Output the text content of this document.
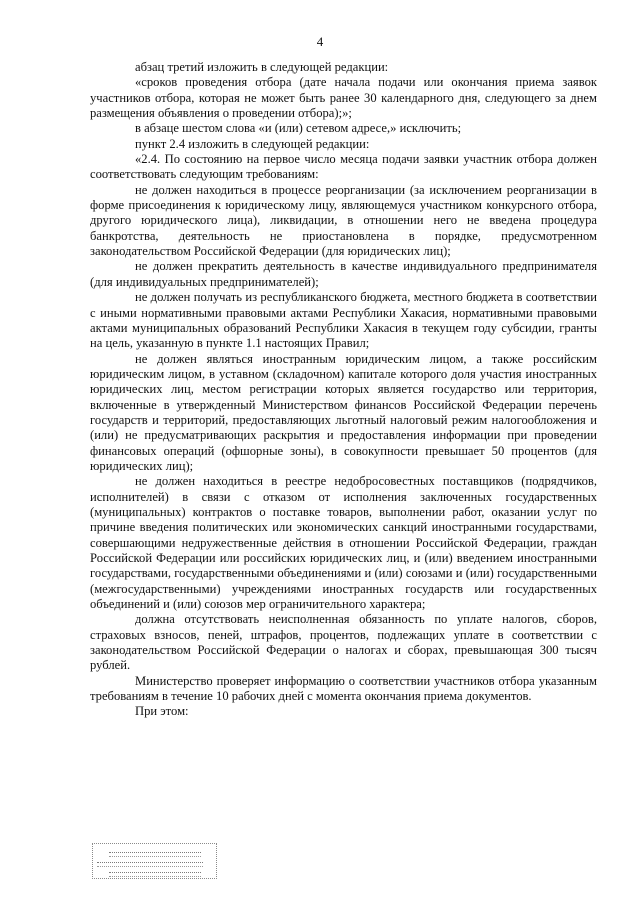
4

абзац третий изложить в следующей редакции:

«сроков проведения отбора (дате начала подачи или окончания приема заявок участников отбора, которая не может быть ранее 30 календарного дня, следующего за днем размещения объявления о проведении отбора);»;

в абзаце шестом слова «и (или) сетевом адресе,» исключить;

пункт 2.4 изложить в следующей редакции:

«2.4. По состоянию на первое число месяца подачи заявки участник отбора должен соответствовать следующим требованиям:

не должен находиться в процессе реорганизации (за исключением реорганизации в форме присоединения к юридическому лицу, являющемуся участником конкурсного отбора, другого юридического лица), ликвидации, в отношении него не введена процедура банкротства, деятельность не приостановлена в порядке, предусмотренном законодательством Российской Федерации (для юридических лиц);

не должен прекратить деятельность в качестве индивидуального предпринимателя (для индивидуальных предпринимателей);

не должен получать из республиканского бюджета, местного бюджета в соответствии с иными нормативными правовыми актами Республики Хакасия, нормативными правовыми актами муниципальных образований Республики Хакасия в текущем году субсидии, гранты на цель, указанную в пункте 1.1 настоящих Правил;

не должен являться иностранным юридическим лицом, а также российским юридическим лицом, в уставном (складочном) капитале которого доля участия иностранных юридических лиц, местом регистрации которых является государство или территория, включенные в утвержденный Министерством финансов Российской Федерации перечень государств и территорий, предоставляющих льготный налоговый режим налогообложения и (или) не предусматривающих раскрытия и предоставления информации при проведении финансовых операций (офшорные зоны), в совокупности превышает 50 процентов (для юридических лиц);

не должен находиться в реестре недобросовестных поставщиков (подрядчиков, исполнителей) в связи с отказом от исполнения заключенных государственных (муниципальных) контрактов о поставке товаров, выполнении работ, оказании услуг по причине введения политических или экономических санкций иностранными государствами, совершающими недружественные действия в отношении Российской Федерации, граждан Российской Федерации или российских юридических лиц, и (или) введением иностранными государствами, государственными объединениями и (или) союзами и (или) государственными (межгосударственными) учреждениями иностранных государств или государственных объединений и (или) союзов мер ограничительного характера;

должна отсутствовать неисполненная обязанность по уплате налогов, сборов, страховых взносов, пеней, штрафов, процентов, подлежащих уплате в соответствии с законодательством Российской Федерации о налогах и сборах, превышающая 300 тысяч рублей.

Министерство проверяет информацию о соответствии участников отбора указанным требованиям в течение 10 рабочих дней с момента окончания приема документов.

При этом:
